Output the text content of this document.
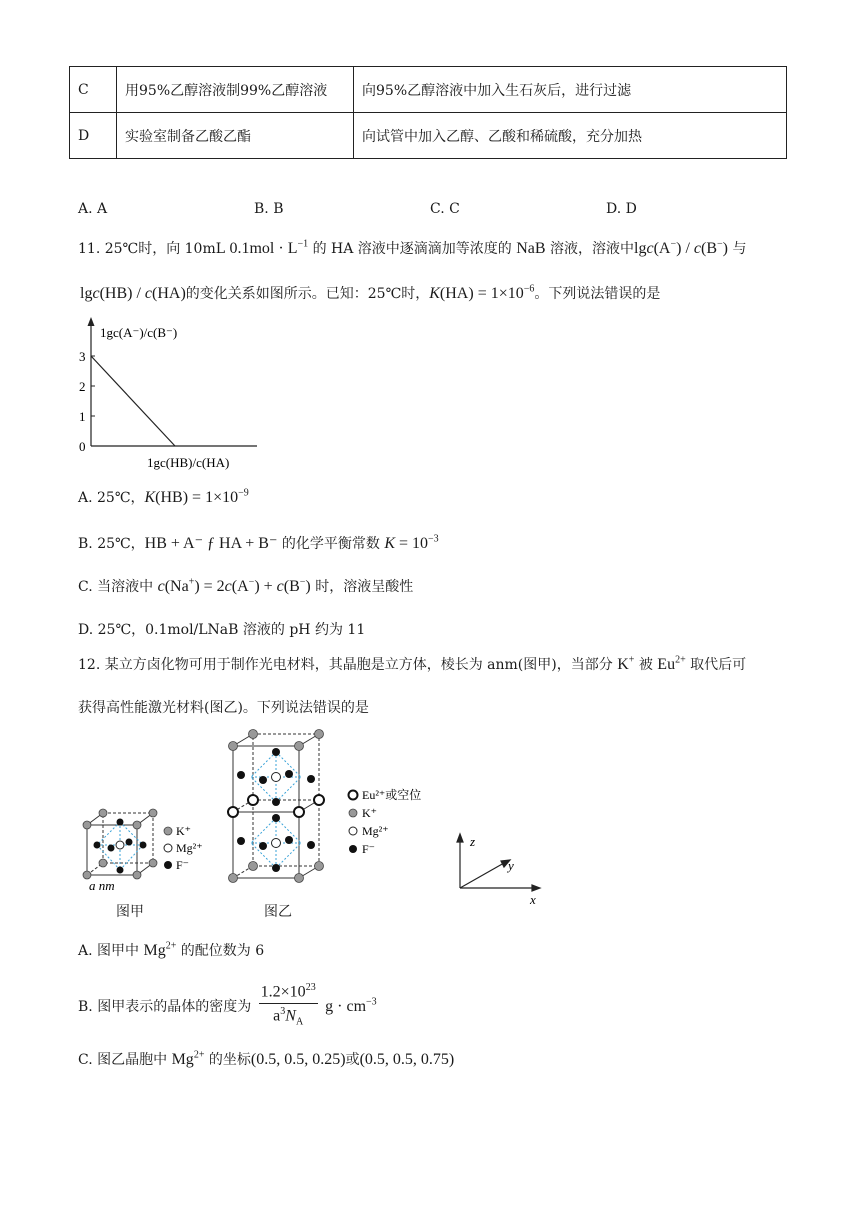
C	用95%乙醇溶液制99%乙醇溶液	向95%乙醇溶液中加入生石灰后，进行过滤
D	实验室制备乙酸乙酯	向试管中加入乙醇、乙酸和稀硫酸，充分加热
A. A	B. B	C. C	D. D
11. 25℃时，向 10mL $0.1mol \cdot L^{-1}$ 的 HA 溶液中逐滴滴加等浓度的 NaB 溶液，溶液中lgc(A−) / c(B−) 与
lgc(HB) / c(HA)的变化关系如图所示。已知：25℃时，$K(HA) = 1\times 10^{-6}$。下列说法错误的是
0
1
2
3
1gc(A⁻)/c(B⁻)
1gc(HB)/c(HA)
A. 25℃，$K(HB) = 1\times 10^{-9}$
B. 25℃，HB + A⁻ ƒ HA + B⁻ 的化学平衡常数 $K = 10^{-3}$
C. 当溶液中 c(Na+) = 2c(A−) + c(B−) 时，溶液呈酸性
D. 25℃，0.1mol/LNaB 溶液的 pH 约为 11
12. 某立方卤化物可用于制作光电材料，其晶胞是立方体，棱长为 anm(图甲)，当部分 K+ 被 $Eu^{2+}$ 取代后可
获得高性能激光材料(图乙)。下列说法错误的是
a nm
K⁺
Mg²⁺
F⁻
图甲
Eu²⁺或空位
K⁺
Mg²⁺
F⁻
图乙
z
y
x
A. 图甲中 $Mg^{2+}$ 的配位数为 6
B. 图甲表示的晶体的密度为 $\frac{1.2\times 10^{23}}{a^3N_A}$ $g \cdot cm^{-3}$
C. 图乙晶胞中 $Mg^{2+}$ 的坐标(0.5, 0.5, 0.25)或(0.5, 0.5, 0.75)
